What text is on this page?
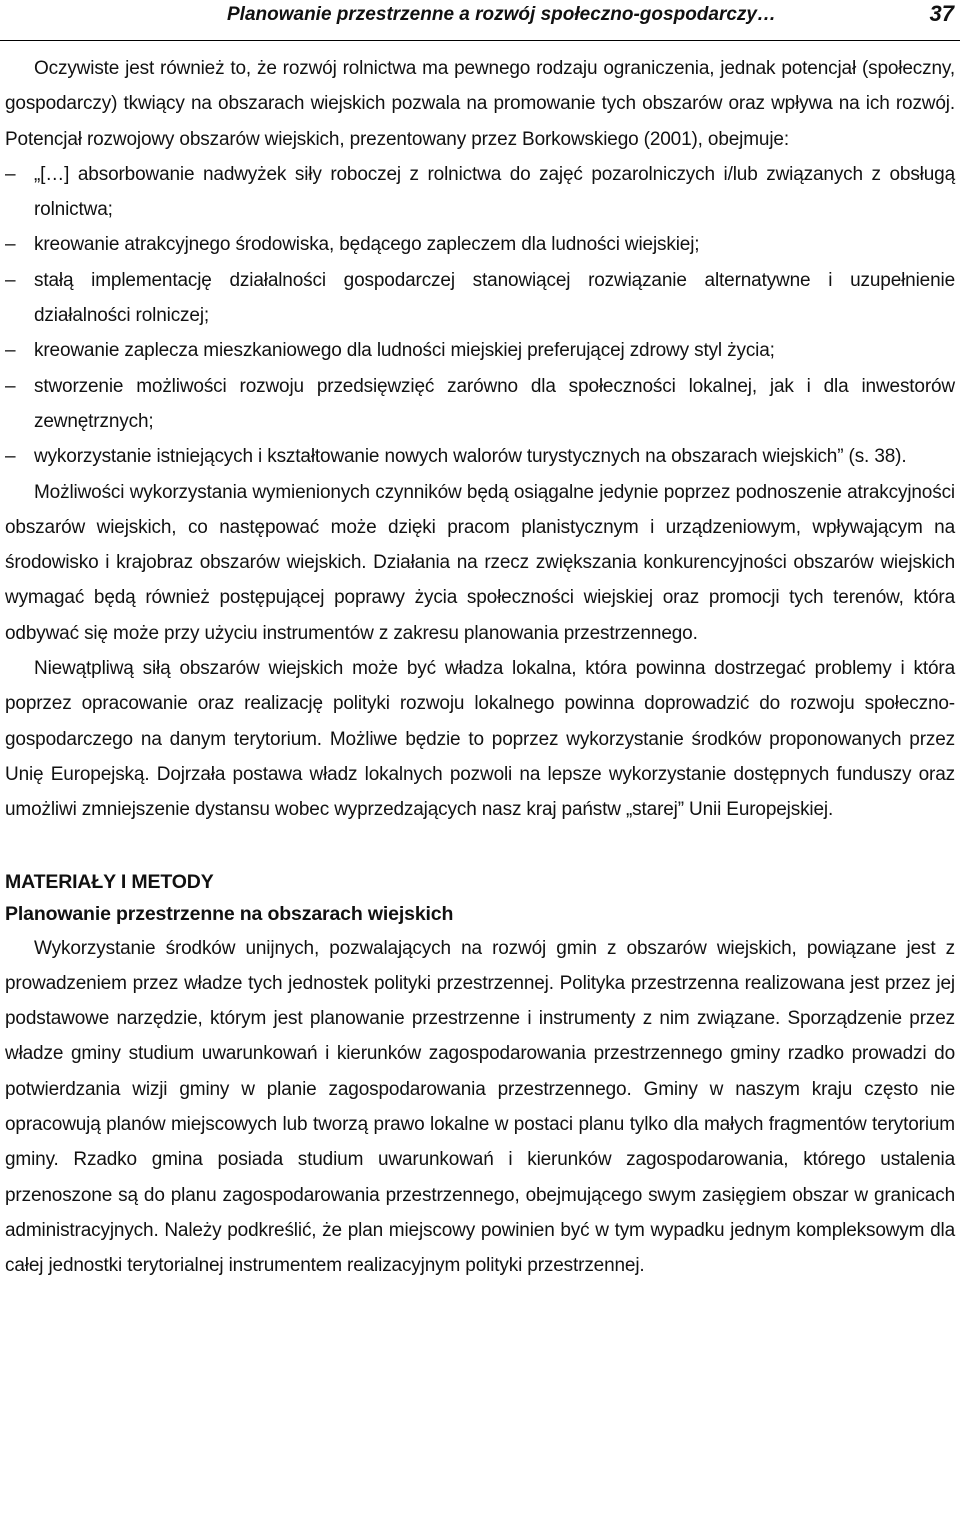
Planowanie przestrzenne a rozwój społeczno-gospodarczy…	37

Oczywiste jest również to, że rozwój rolnictwa ma pewnego rodzaju ograniczenia, jednak potencjał (społeczny, gospodarczy) tkwiący na obszarach wiejskich pozwala na promowanie tych obszarów oraz wpływa na ich rozwój. Potencjał rozwojowy obszarów wiejskich, prezentowany przez Borkowskiego (2001), obejmuje:

– „[…] absorbowanie nadwyżek siły roboczej z rolnictwa do zajęć pozarolniczych i/lub związanych z obsługą rolnictwa;
– kreowanie atrakcyjnego środowiska, będącego zapleczem dla ludności wiejskiej;
– stałą implementację działalności gospodarczej stanowiącej rozwiązanie alternatywne i uzupełnienie działalności rolniczej;
– kreowanie zaplecza mieszkaniowego dla ludności miejskiej preferującej zdrowy styl życia;
– stworzenie możliwości rozwoju przedsięwzięć zarówno dla społeczności lokalnej, jak i dla inwestorów zewnętrznych;
– wykorzystanie istniejących i kształtowanie nowych walorów turystycznych na obszarach wiejskich” (s. 38).

Możliwości wykorzystania wymienionych czynników będą osiągalne jedynie poprzez podnoszenie atrakcyjności obszarów wiejskich, co następować może dzięki pracom planistycznym i urządzeniowym, wpływającym na środowisko i krajobraz obszarów wiejskich. Działania na rzecz zwiększania konkurencyjności obszarów wiejskich wymagać będą również postępującej poprawy życia społeczności wiejskiej oraz promocji tych terenów, która odbywać się może przy użyciu instrumentów z zakresu planowania przestrzennego.

Niewątpliwą siłą obszarów wiejskich może być władza lokalna, która powinna dostrzegać problemy i która poprzez opracowanie oraz realizację polityki rozwoju lokalnego powinna doprowadzić do rozwoju społeczno-gospodarczego na danym terytorium. Możliwe będzie to poprzez wykorzystanie środków proponowanych przez Unię Europejską. Dojrzała postawa władz lokalnych pozwoli na lepsze wykorzystanie dostępnych funduszy oraz umożliwi zmniejszenie dystansu wobec wyprzedzających nasz kraj państw „starej” Unii Europejskiej.

MATERIAŁY I METODY
Planowanie przestrzenne na obszarach wiejskich

Wykorzystanie środków unijnych, pozwalających na rozwój gmin z obszarów wiejskich, powiązane jest z prowadzeniem przez władze tych jednostek polityki przestrzennej. Polityka przestrzenna realizowana jest przez jej podstawowe narzędzie, którym jest planowanie przestrzenne i instrumenty z nim związane. Sporządzenie przez władze gminy studium uwarunkowań i kierunków zagospodarowania przestrzennego gminy rzadko prowadzi do potwierdzania wizji gminy w planie zagospodarowania przestrzennego. Gminy w naszym kraju często nie opracowują planów miejscowych lub tworzą prawo lokalne w postaci planu tylko dla małych fragmentów terytorium gminy. Rzadko gmina posiada studium uwarunkowań i kierunków zagospodarowania, którego ustalenia przenoszone są do planu zagospodarowania przestrzennego, obejmującego swym zasięgiem obszar w granicach administracyjnych. Należy podkreślić, że plan miejscowy powinien być w tym wypadku jednym kompleksowym dla całej jednostki terytorialnej instrumentem realizacyjnym polityki przestrzennej.
